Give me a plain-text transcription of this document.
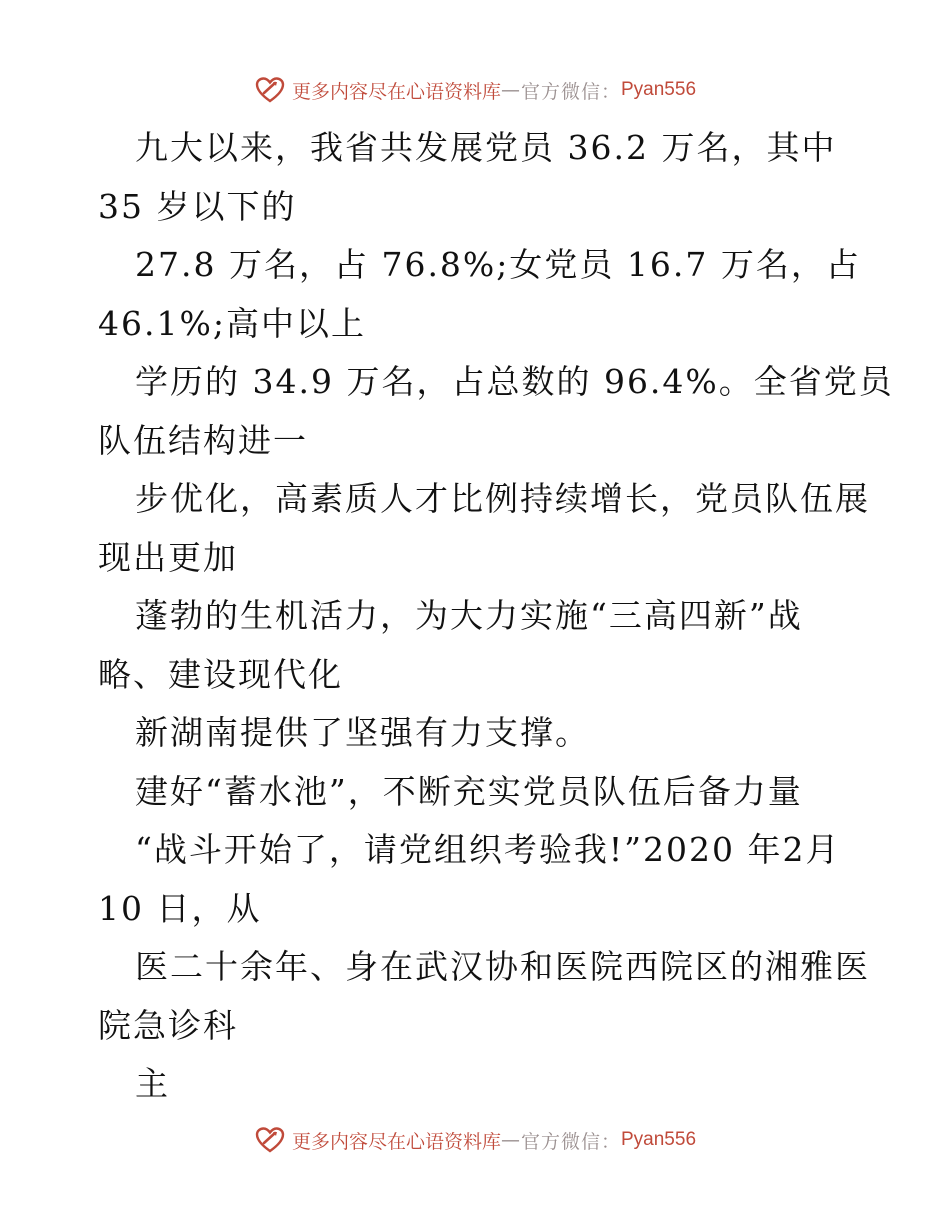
更多内容尽在心语资料库 — 官方微信： Pyan556
九大以来，我省共发展党员 36.2 万名，其中
35 岁以下的
27.8 万名，占 76.8%;女党员 16.7 万名，占
46.1%;高中以上
学历的 34.9 万名，占总数的 96.4%。全省党员
队伍结构进一
步优化，高素质人才比例持续增长，党员队伍展
现出更加
蓬勃的生机活力，为大力实施“三高四新”战
略、建设现代化
新湖南提供了坚强有力支撑。
建好“蓄水池”，不断充实党员队伍后备力量
“战斗开始了，请党组织考验我!”2020 年2月
10 日，从
医二十余年、身在武汉协和医院西院区的湘雅医
院急诊科
主
更多内容尽在心语资料库 — 官方微信： Pyan556
